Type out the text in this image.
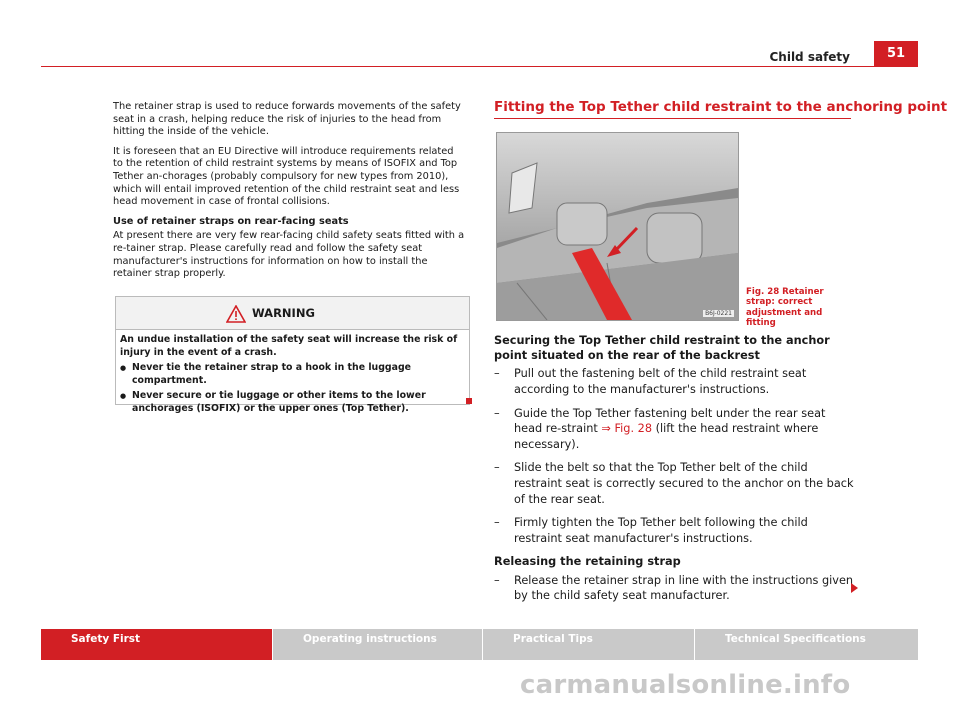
Child safety	51

The retainer strap is used to reduce forwards movements of the safety seat in a crash, helping reduce the risk of injuries to the head from hitting the inside of the vehicle.

It is foreseen that an EU Directive will introduce requirements related to the retention of child restraint systems by means of ISOFIX and Top Tether an-chorages (probably compulsory for new types from 2010), which will entail improved retention of the child restraint seat and less head movement in case of frontal collisions.

Use of retainer straps on rear-facing seats

At present there are very few rear-facing child safety seats fitted with a re-tainer strap. Please carefully read and follow the safety seat manufacturer's instructions for information on how to install the retainer strap properly.

WARNING

An undue installation of the safety seat will increase the risk of injury in the event of a crash.

● Never tie the retainer strap to a hook in the luggage compartment.
● Never secure or tie luggage or other items to the lower anchorages (ISOFIX) or the upper ones (Top Tether).
Fitting the Top Tether child restraint to the anchoring point
B6J-0221
Fig. 28 Retainer strap: correct adjustment and fitting
Securing the Top Tether child restraint to the anchor point situated on the rear of the backrest
– Pull out the fastening belt of the child restraint seat according to the manufacturer's instructions.
– Guide the Top Tether fastening belt under the rear seat head re-straint ⇒ Fig. 28 (lift the head restraint where necessary).
– Slide the belt so that the Top Tether belt of the child restraint seat is correctly secured to the anchor on the back of the rear seat.
– Firmly tighten the Top Tether belt following the child restraint seat manufacturer's instructions.
Releasing the retaining strap
– Release the retainer strap in line with the instructions given by the child safety seat manufacturer.
Safety First	Operating instructions	Practical Tips	Technical Specifications
carmanualsonline.info
